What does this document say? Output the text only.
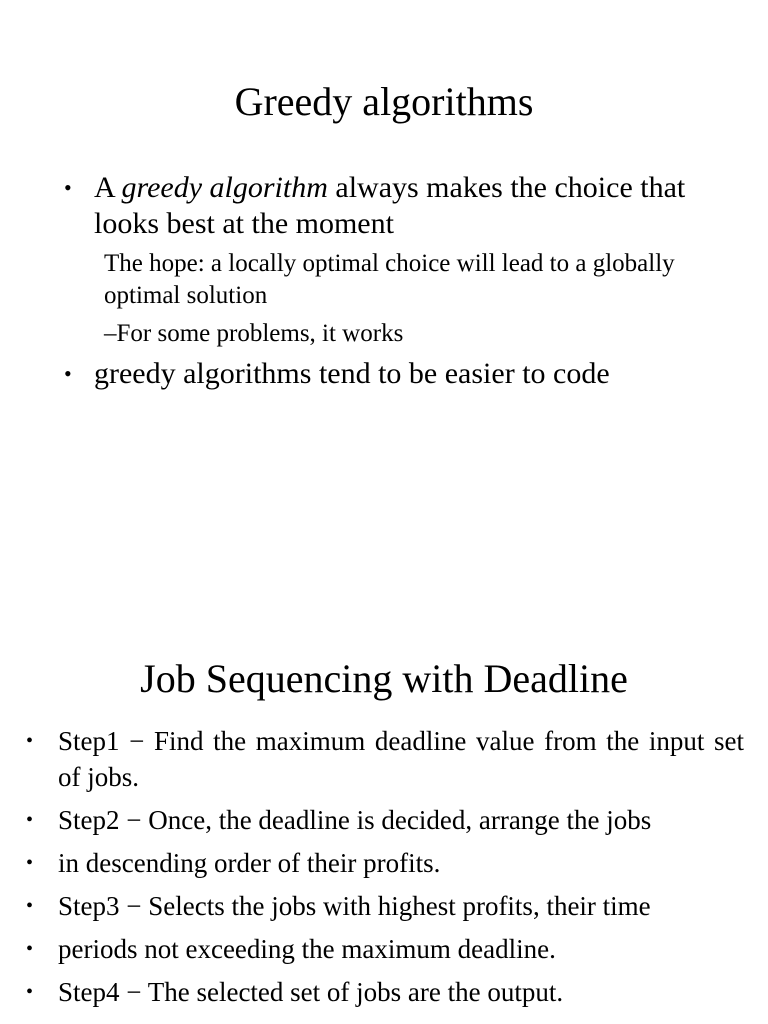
Greedy algorithms
• A greedy algorithm always makes the choice that looks best at the moment
The hope: a locally optimal choice will lead to a globally optimal solution
–For some problems, it works
• greedy algorithms tend to be easier to code
Job Sequencing with Deadline
• Step1 − Find the maximum deadline value from the input set of jobs.
• Step2 − Once, the deadline is decided, arrange the jobs
• in descending order of their profits.
• Step3 − Selects the jobs with highest profits, their time
• periods not exceeding the maximum deadline.
• Step4 − The selected set of jobs are the output.
